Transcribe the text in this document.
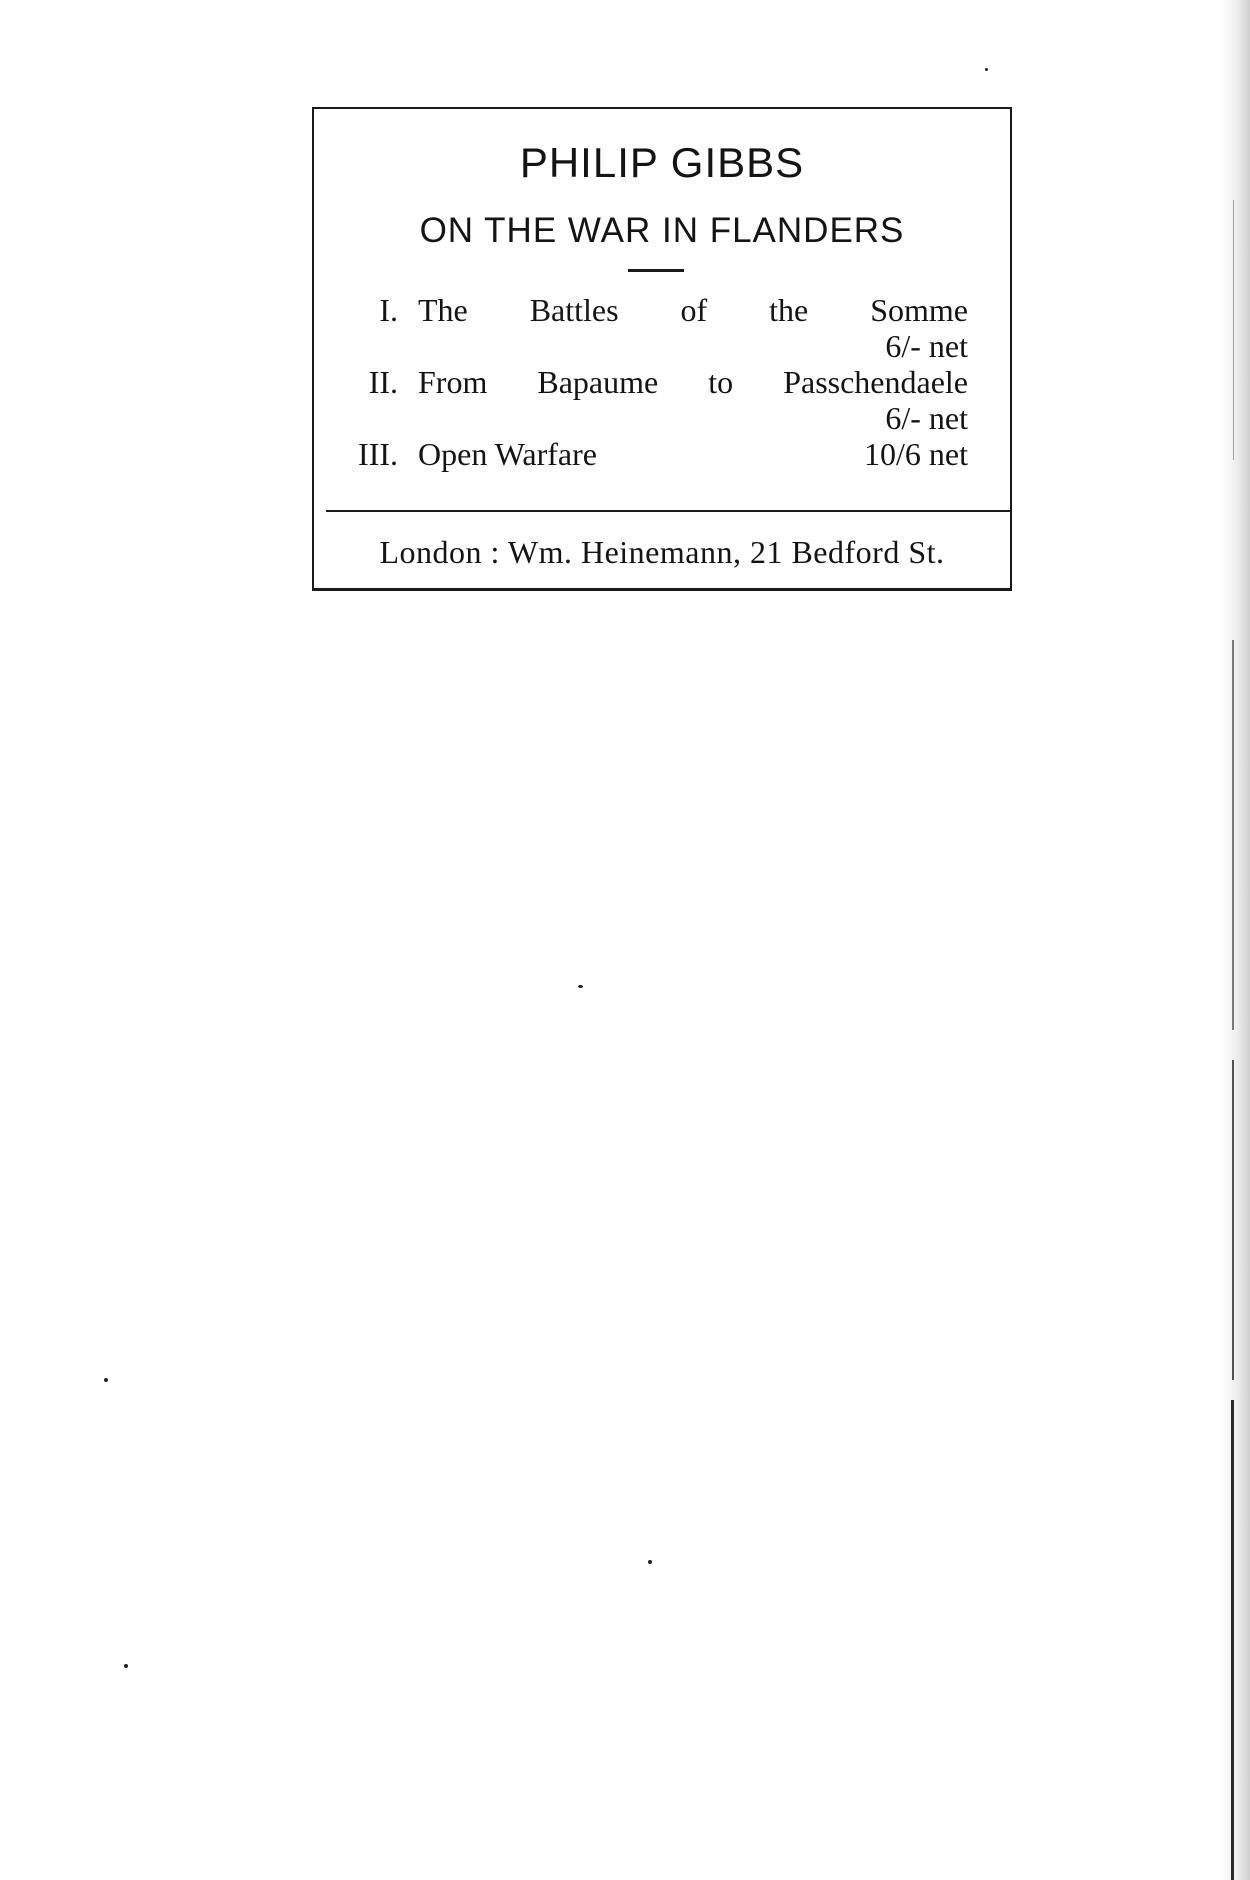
PHILIP GIBBS
ON THE WAR IN FLANDERS
I. The Battles of the Somme
6/- net
II. From Bapaume to Passchendaele
6/- net
III. Open Warfare	10/6 net
London : Wm. Heinemann, 21 Bedford St.
